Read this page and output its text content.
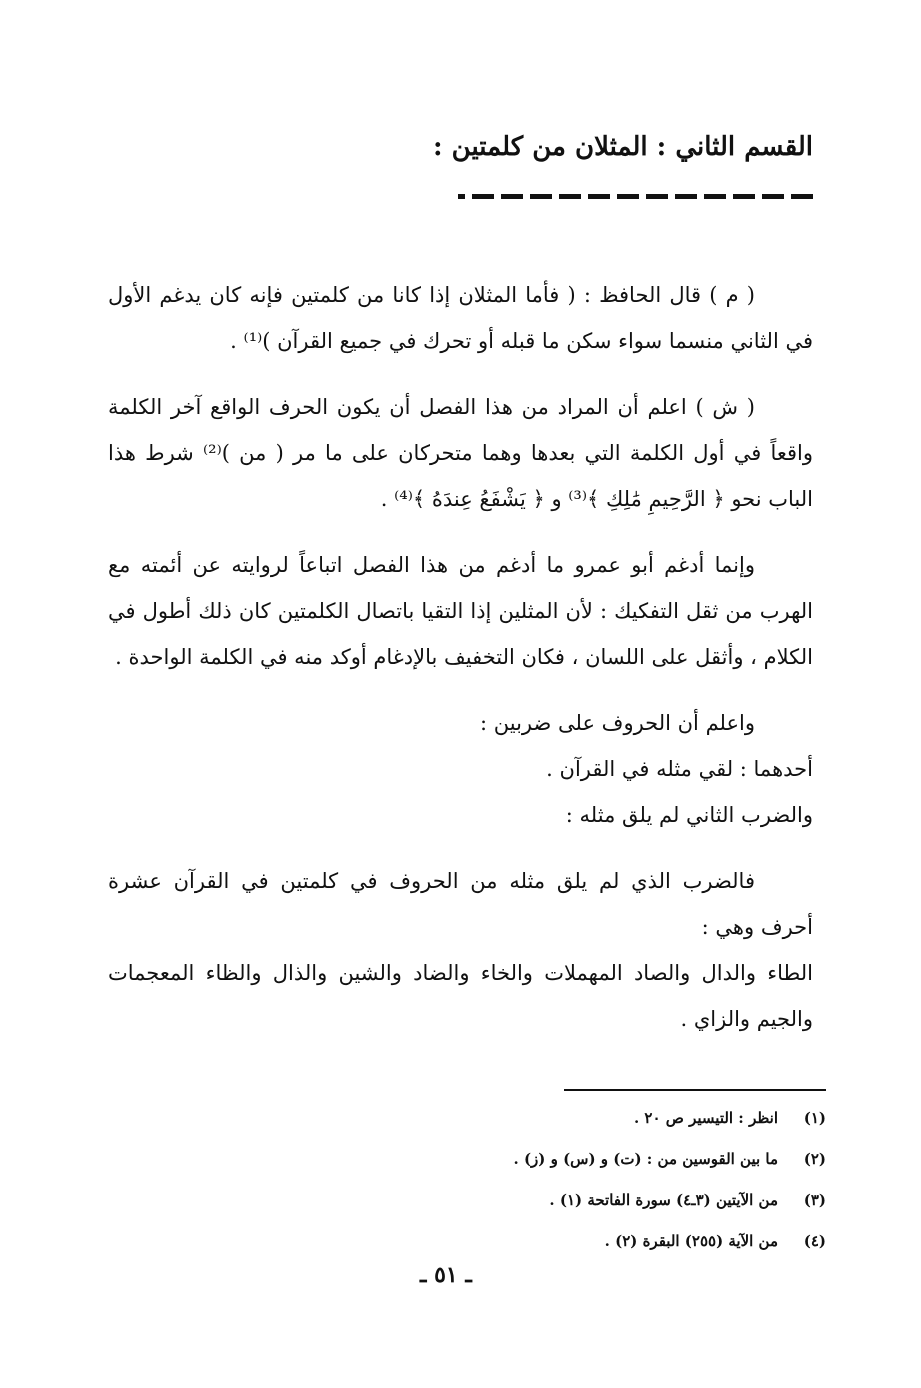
القسم الثاني : المثلان من كلمتين :

( م ) قال الحافظ : ( فأما المثلان إذا كانا من كلمتين فإنه كان يدغم الأول في الثاني منسما سواء سكن ما قبله أو تحرك في جميع القرآن )⁽¹⁾ .

( ش ) اعلم أن المراد من هذا الفصل أن يكون الحرف الواقع آخر الكلمة واقعاً في أول الكلمة التي بعدها وهما متحركان على ما مر ( من )⁽²⁾ شرط هذا الباب نحو ﴿ الرَّحِيمِ مَٰلِكِ ﴾⁽³⁾ و ﴿ يَشْفَعُ عِندَهُ ﴾⁽⁴⁾ .

وإنما أدغم أبو عمرو ما أدغم من هذا الفصل اتباعاً لروايته عن أئمته مع الهرب من ثقل التفكيك : لأن المثلين إذا التقيا باتصال الكلمتين كان ذلك أطول في الكلام ، وأثقل على اللسان ، فكان التخفيف بالإدغام أوكد منه في الكلمة الواحدة .

واعلم أن الحروف على ضربين :
أحدهما : لقي مثله في القرآن .
والضرب الثاني لم يلق مثله :
فالضرب الذي لم يلق مثله من الحروف في كلمتين في القرآن عشرة أحرف وهي :
الطاء والدال والصاد المهملات والخاء والضاد والشين والذال والظاء المعجمات والجيم والزاي .
(١)
انظر : التيسير ص ٢٠ .
(٢)
ما بين القوسين من : (ت) و (س) و (ز) .
(٣)
من الآيتين (٣ـ٤) سورة الفاتحة (١) .
(٤)
من الآية (٢٥٥) البقرة (٢) .
ـ ٥١ ـ
